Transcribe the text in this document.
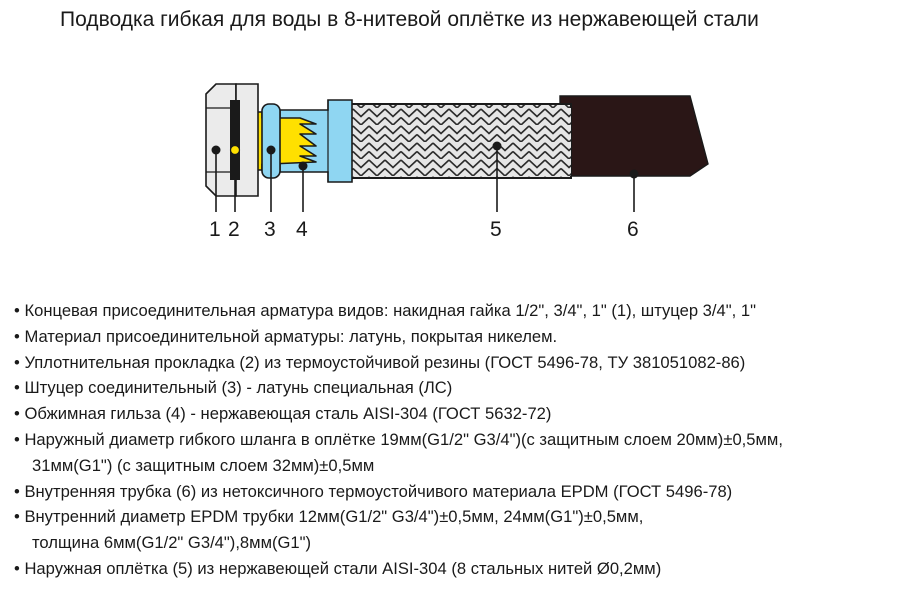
Подводка гибкая для воды в 8-нитевой оплётке из нержавеющей стали
1 2 3 4	5	6
• Концевая присоединительная арматура видов: накидная гайка 1/2", 3/4", 1" (1), штуцер 3/4", 1"
• Материал присоединительной арматуры: латунь, покрытая никелем.
• Уплотнительная прокладка (2) из термоустойчивой резины (ГОСТ 5496-78, ТУ 381051082-86)
• Штуцер соединительный (3) - латунь специальная (ЛС)
• Обжимная гильза (4) - нержавеющая сталь AISI-304 (ГОСТ 5632-72)
• Наружный диаметр гибкого шланга в оплётке 19мм(G1/2" G3/4")(с защитным слоем 20мм)±0,5мм,
31мм(G1") (с защитным слоем 32мм)±0,5мм
• Внутренняя трубка (6) из нетоксичного термоустойчивого материала EPDM (ГОСТ 5496-78)
• Внутренний диаметр EPDM трубки 12мм(G1/2" G3/4")±0,5мм, 24мм(G1")±0,5мм,
толщина 6мм(G1/2" G3/4"),8мм(G1")
• Наружная оплётка (5) из нержавеющей стали AISI-304 (8 стальных нитей Ø0,2мм)
